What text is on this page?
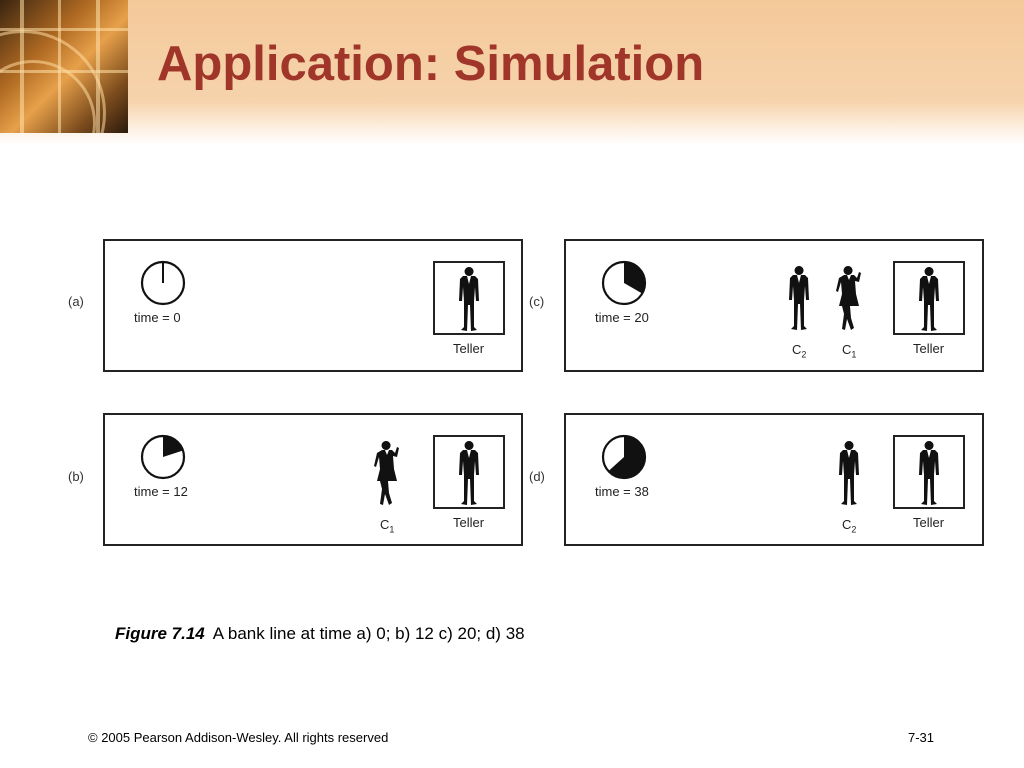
Application: Simulation
(a)
time = 0
Teller
(b)
time = 12
Teller
$C_1$
(c)
time = 20
Teller
$C_2$	$C_1$
(d)
time = 38
Teller
$C_2$
Figure 7.14 A bank line at time a) 0; b) 12 c) 20; d) 38
© 2005 Pearson Addison-Wesley. All rights reserved	7-31
